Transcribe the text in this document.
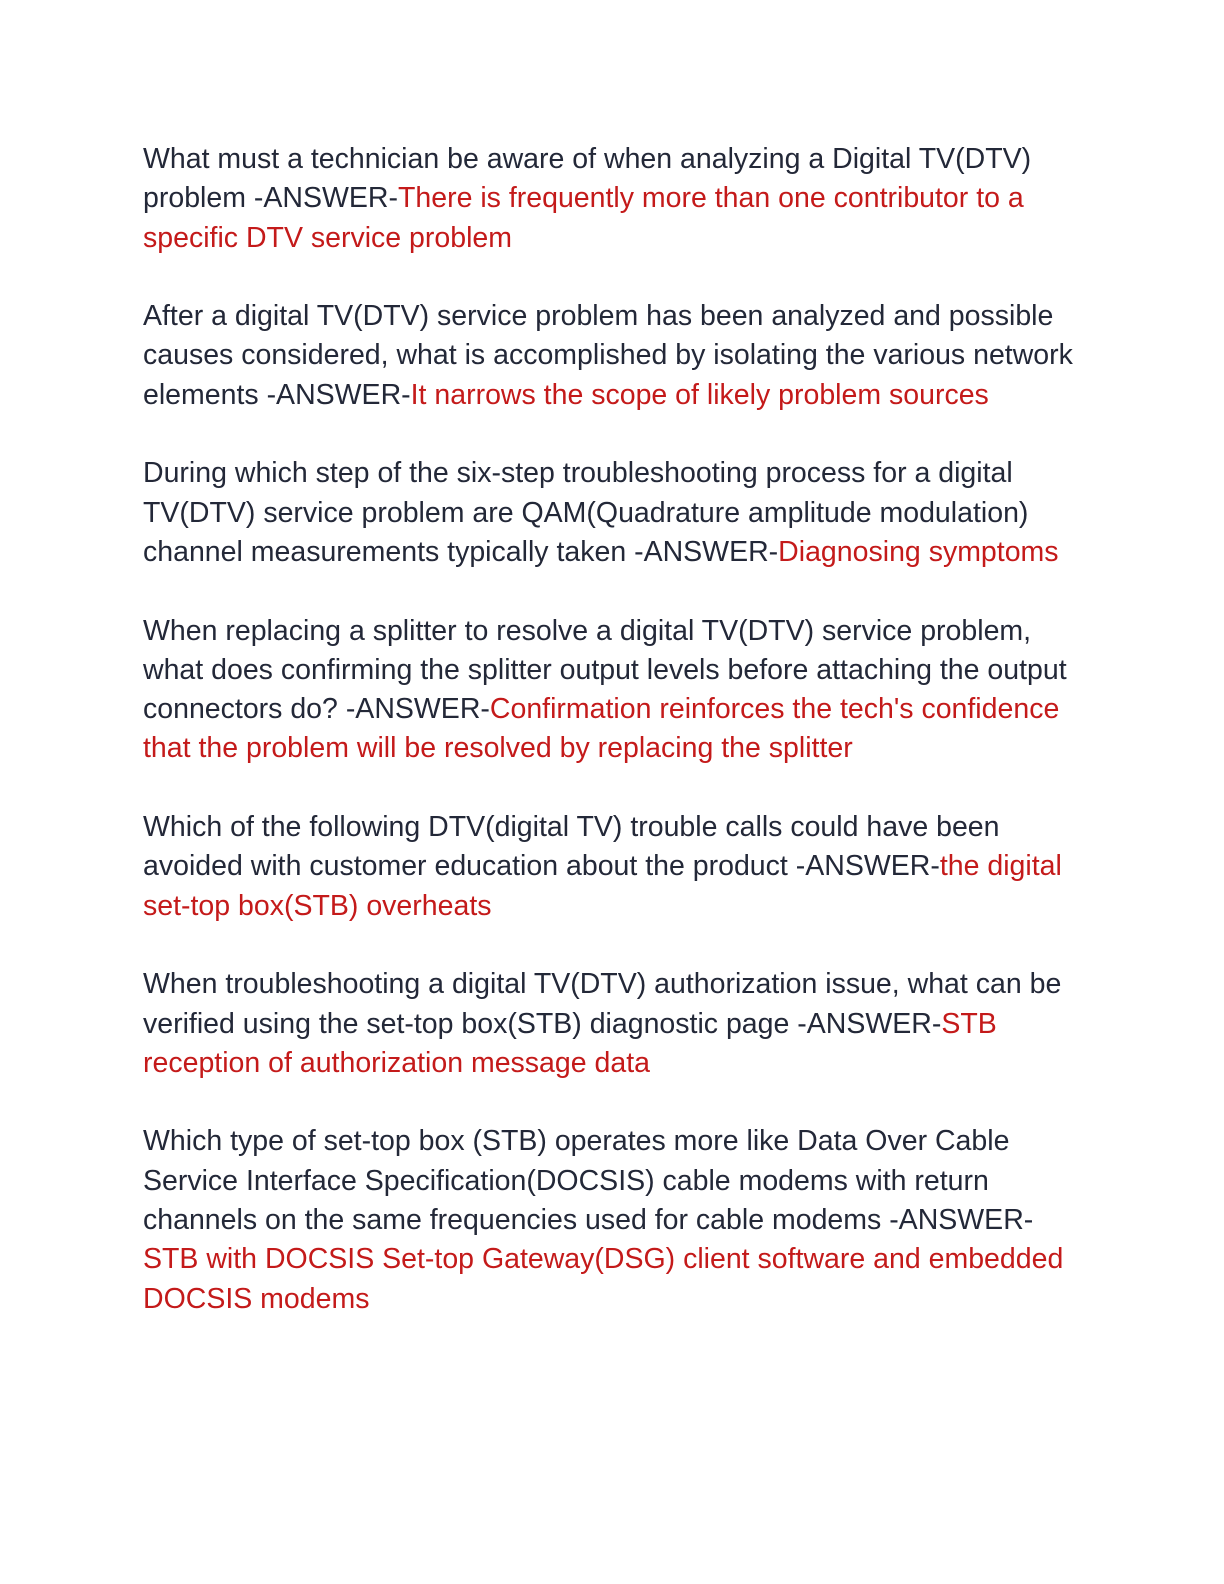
What must a technician be aware of when analyzing a Digital TV(DTV) problem -ANSWER-There is frequently more than one contributor to a specific DTV service problem

After a digital TV(DTV) service problem has been analyzed and possible causes considered, what is accomplished by isolating the various network elements -ANSWER-It narrows the scope of likely problem sources

During which step of the six-step troubleshooting process for a digital TV(DTV) service problem are QAM(Quadrature amplitude modulation) channel measurements typically taken -ANSWER-Diagnosing symptoms

When replacing a splitter to resolve a digital TV(DTV) service problem, what does confirming the splitter output levels before attaching the output connectors do? -ANSWER-Confirmation reinforces the tech's confidence that the problem will be resolved by replacing the splitter

Which of the following DTV(digital TV) trouble calls could have been avoided with customer education about the product -ANSWER-the digital set-top box(STB) overheats

When troubleshooting a digital TV(DTV) authorization issue, what can be verified using the set-top box(STB) diagnostic page -ANSWER-STB reception of authorization message data

Which type of set-top box (STB) operates more like Data Over Cable Service Interface Specification(DOCSIS) cable modems with return channels on the same frequencies used for cable modems -ANSWER-STB with DOCSIS Set-top Gateway(DSG) client software and embedded DOCSIS modems
